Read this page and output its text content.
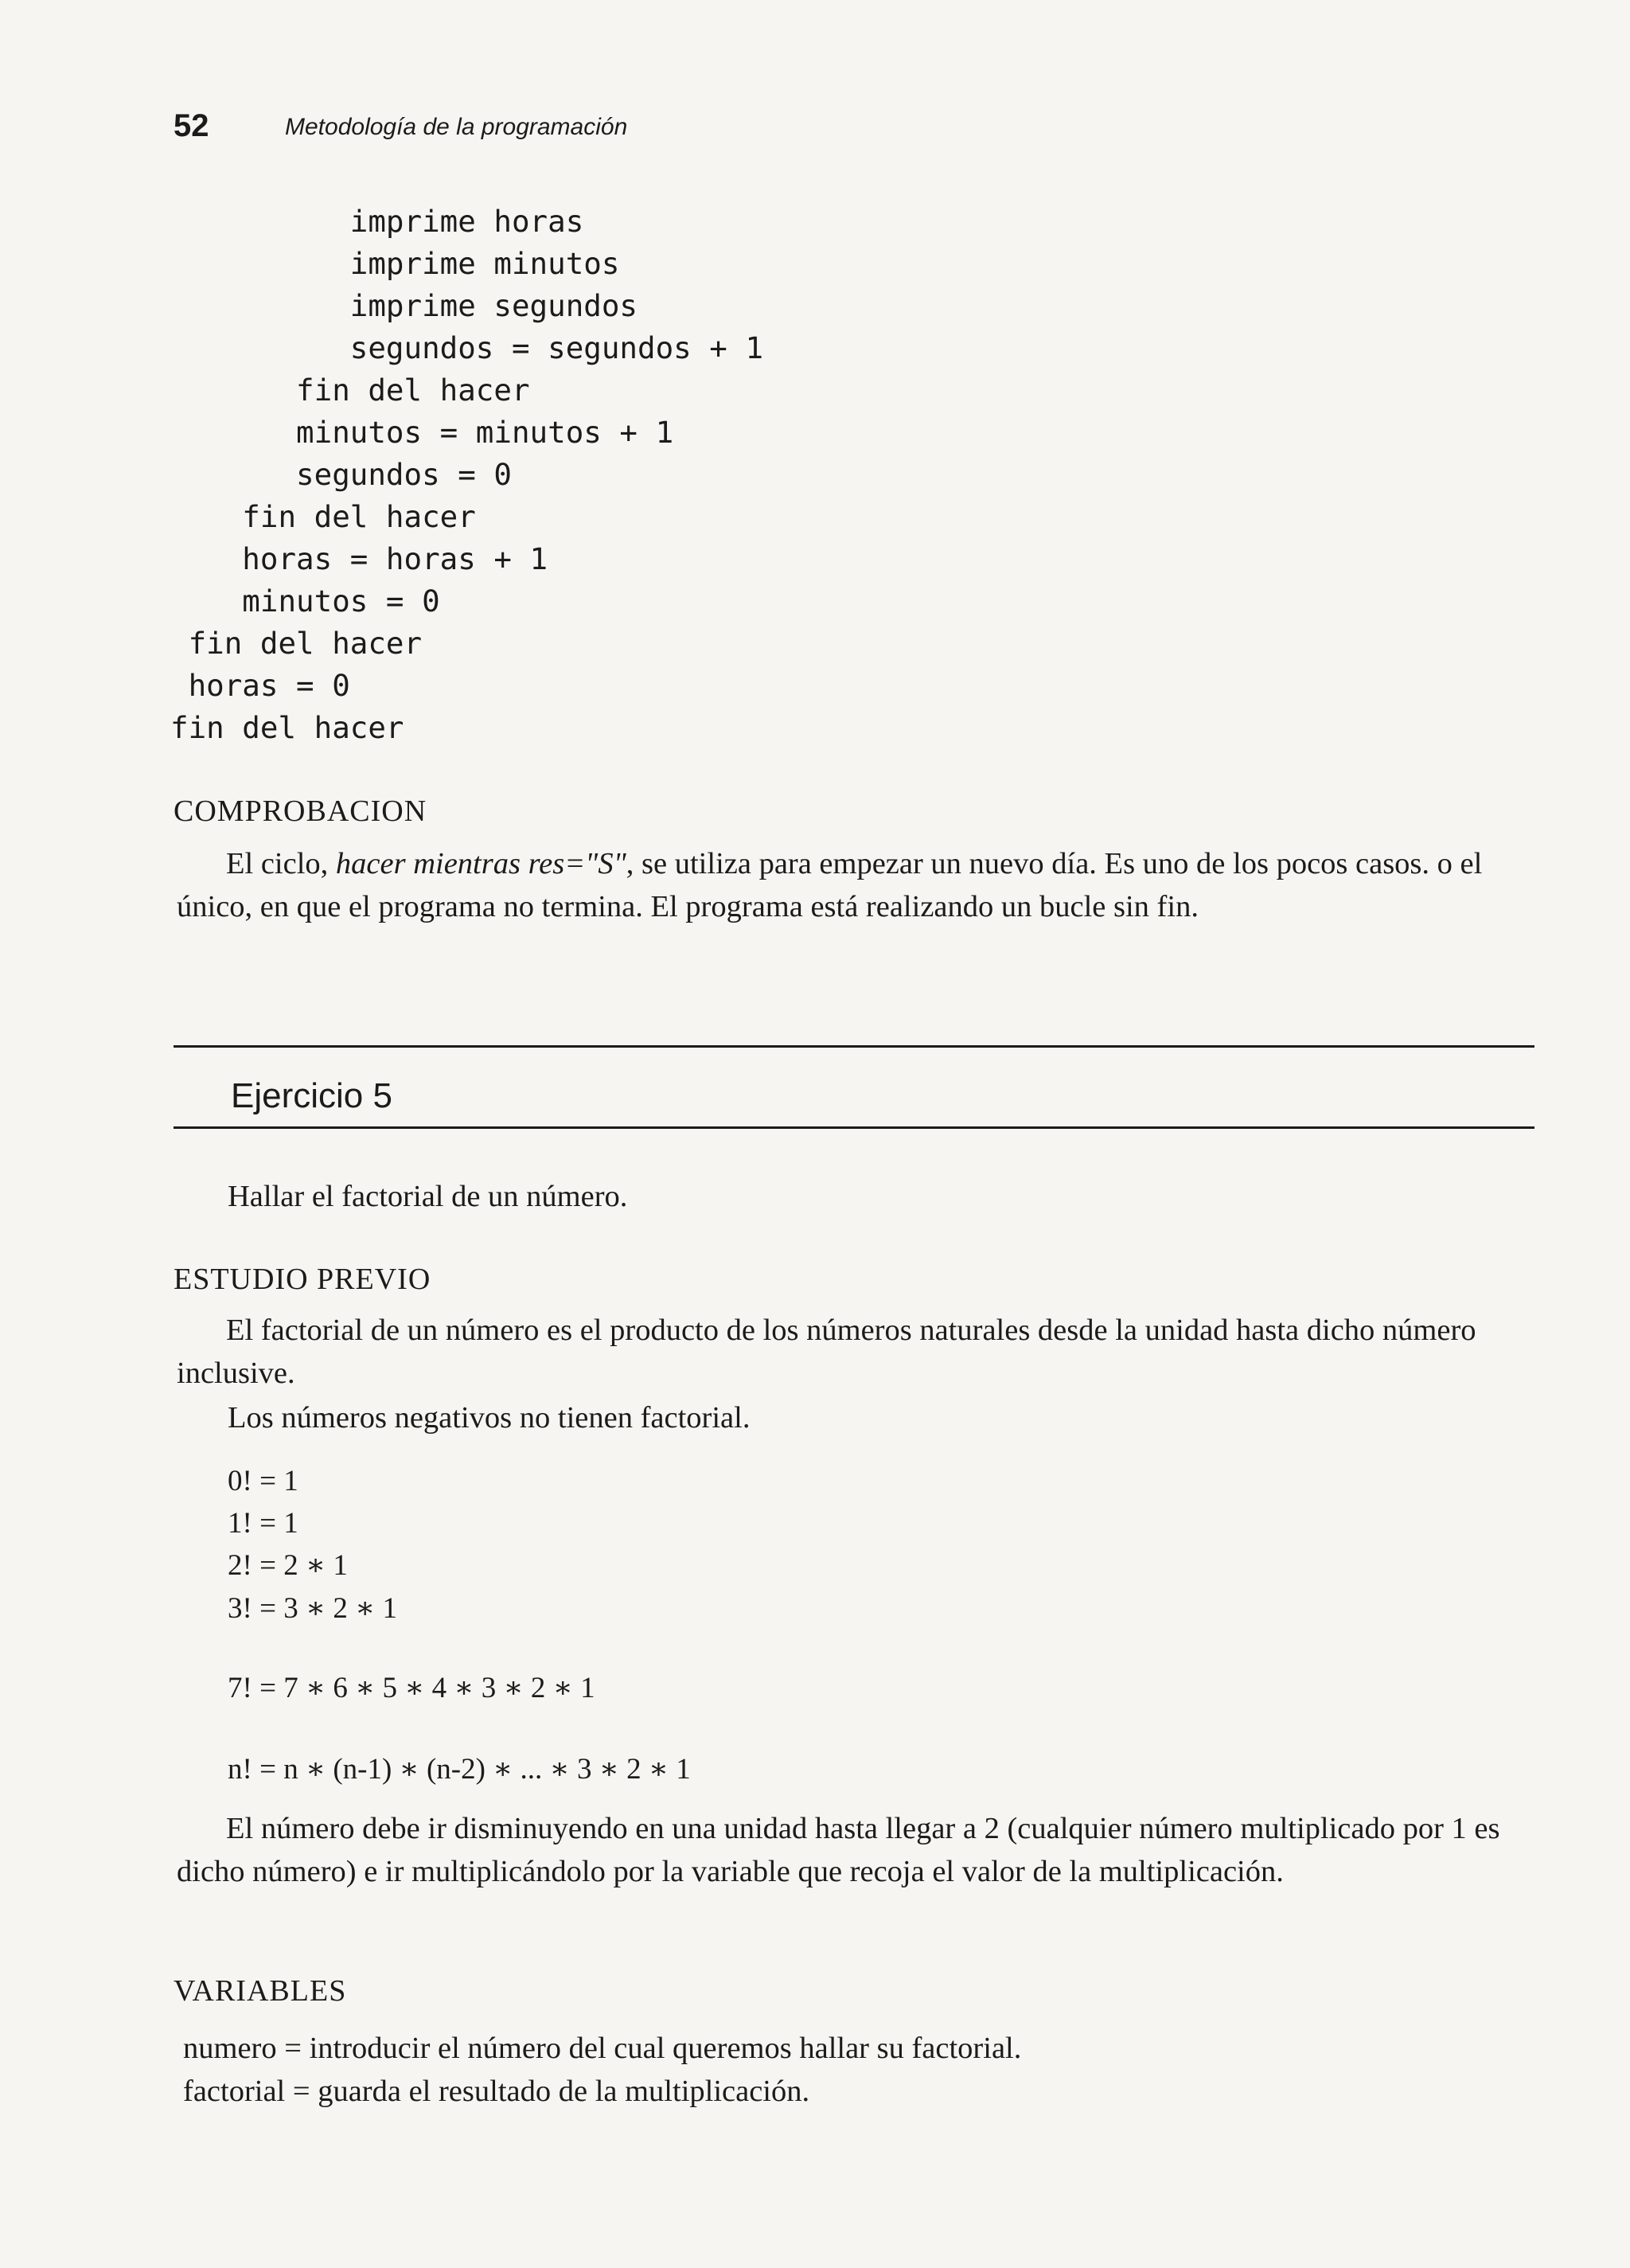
52	Metodología de la programación
imprime horas
imprime minutos
imprime segundos
segundos = segundos + 1
fin del hacer
minutos = minutos + 1
segundos = 0
fin del hacer
horas = horas + 1
minutos = 0
fin del hacer
horas = 0
fin del hacer
COMPROBACION
El ciclo, hacer mientras res="S", se utiliza para empezar un nuevo día. Es uno de los pocos casos. o el único, en que el programa no termina. El programa está realizando un bucle sin fin.
Ejercicio 5
Hallar el factorial de un número.
ESTUDIO PREVIO
El factorial de un número es el producto de los números naturales desde la unidad hasta dicho número inclusive.
Los números negativos no tienen factorial.
0! = 1
1! = 1
2! = 2 ∗ 1
3! = 3 ∗ 2 ∗ 1
7! = 7 ∗ 6 ∗ 5 ∗ 4 ∗ 3 ∗ 2 ∗ 1
n! = n ∗ (n-1) ∗ (n-2) ∗ ... ∗ 3 ∗ 2 ∗ 1
El número debe ir disminuyendo en una unidad hasta llegar a 2 (cualquier número multiplicado por 1 es dicho número) e ir multiplicándolo por la variable que recoja el valor de la multiplicación.
VARIABLES
numero = introducir el número del cual queremos hallar su factorial.
factorial = guarda el resultado de la multiplicación.
